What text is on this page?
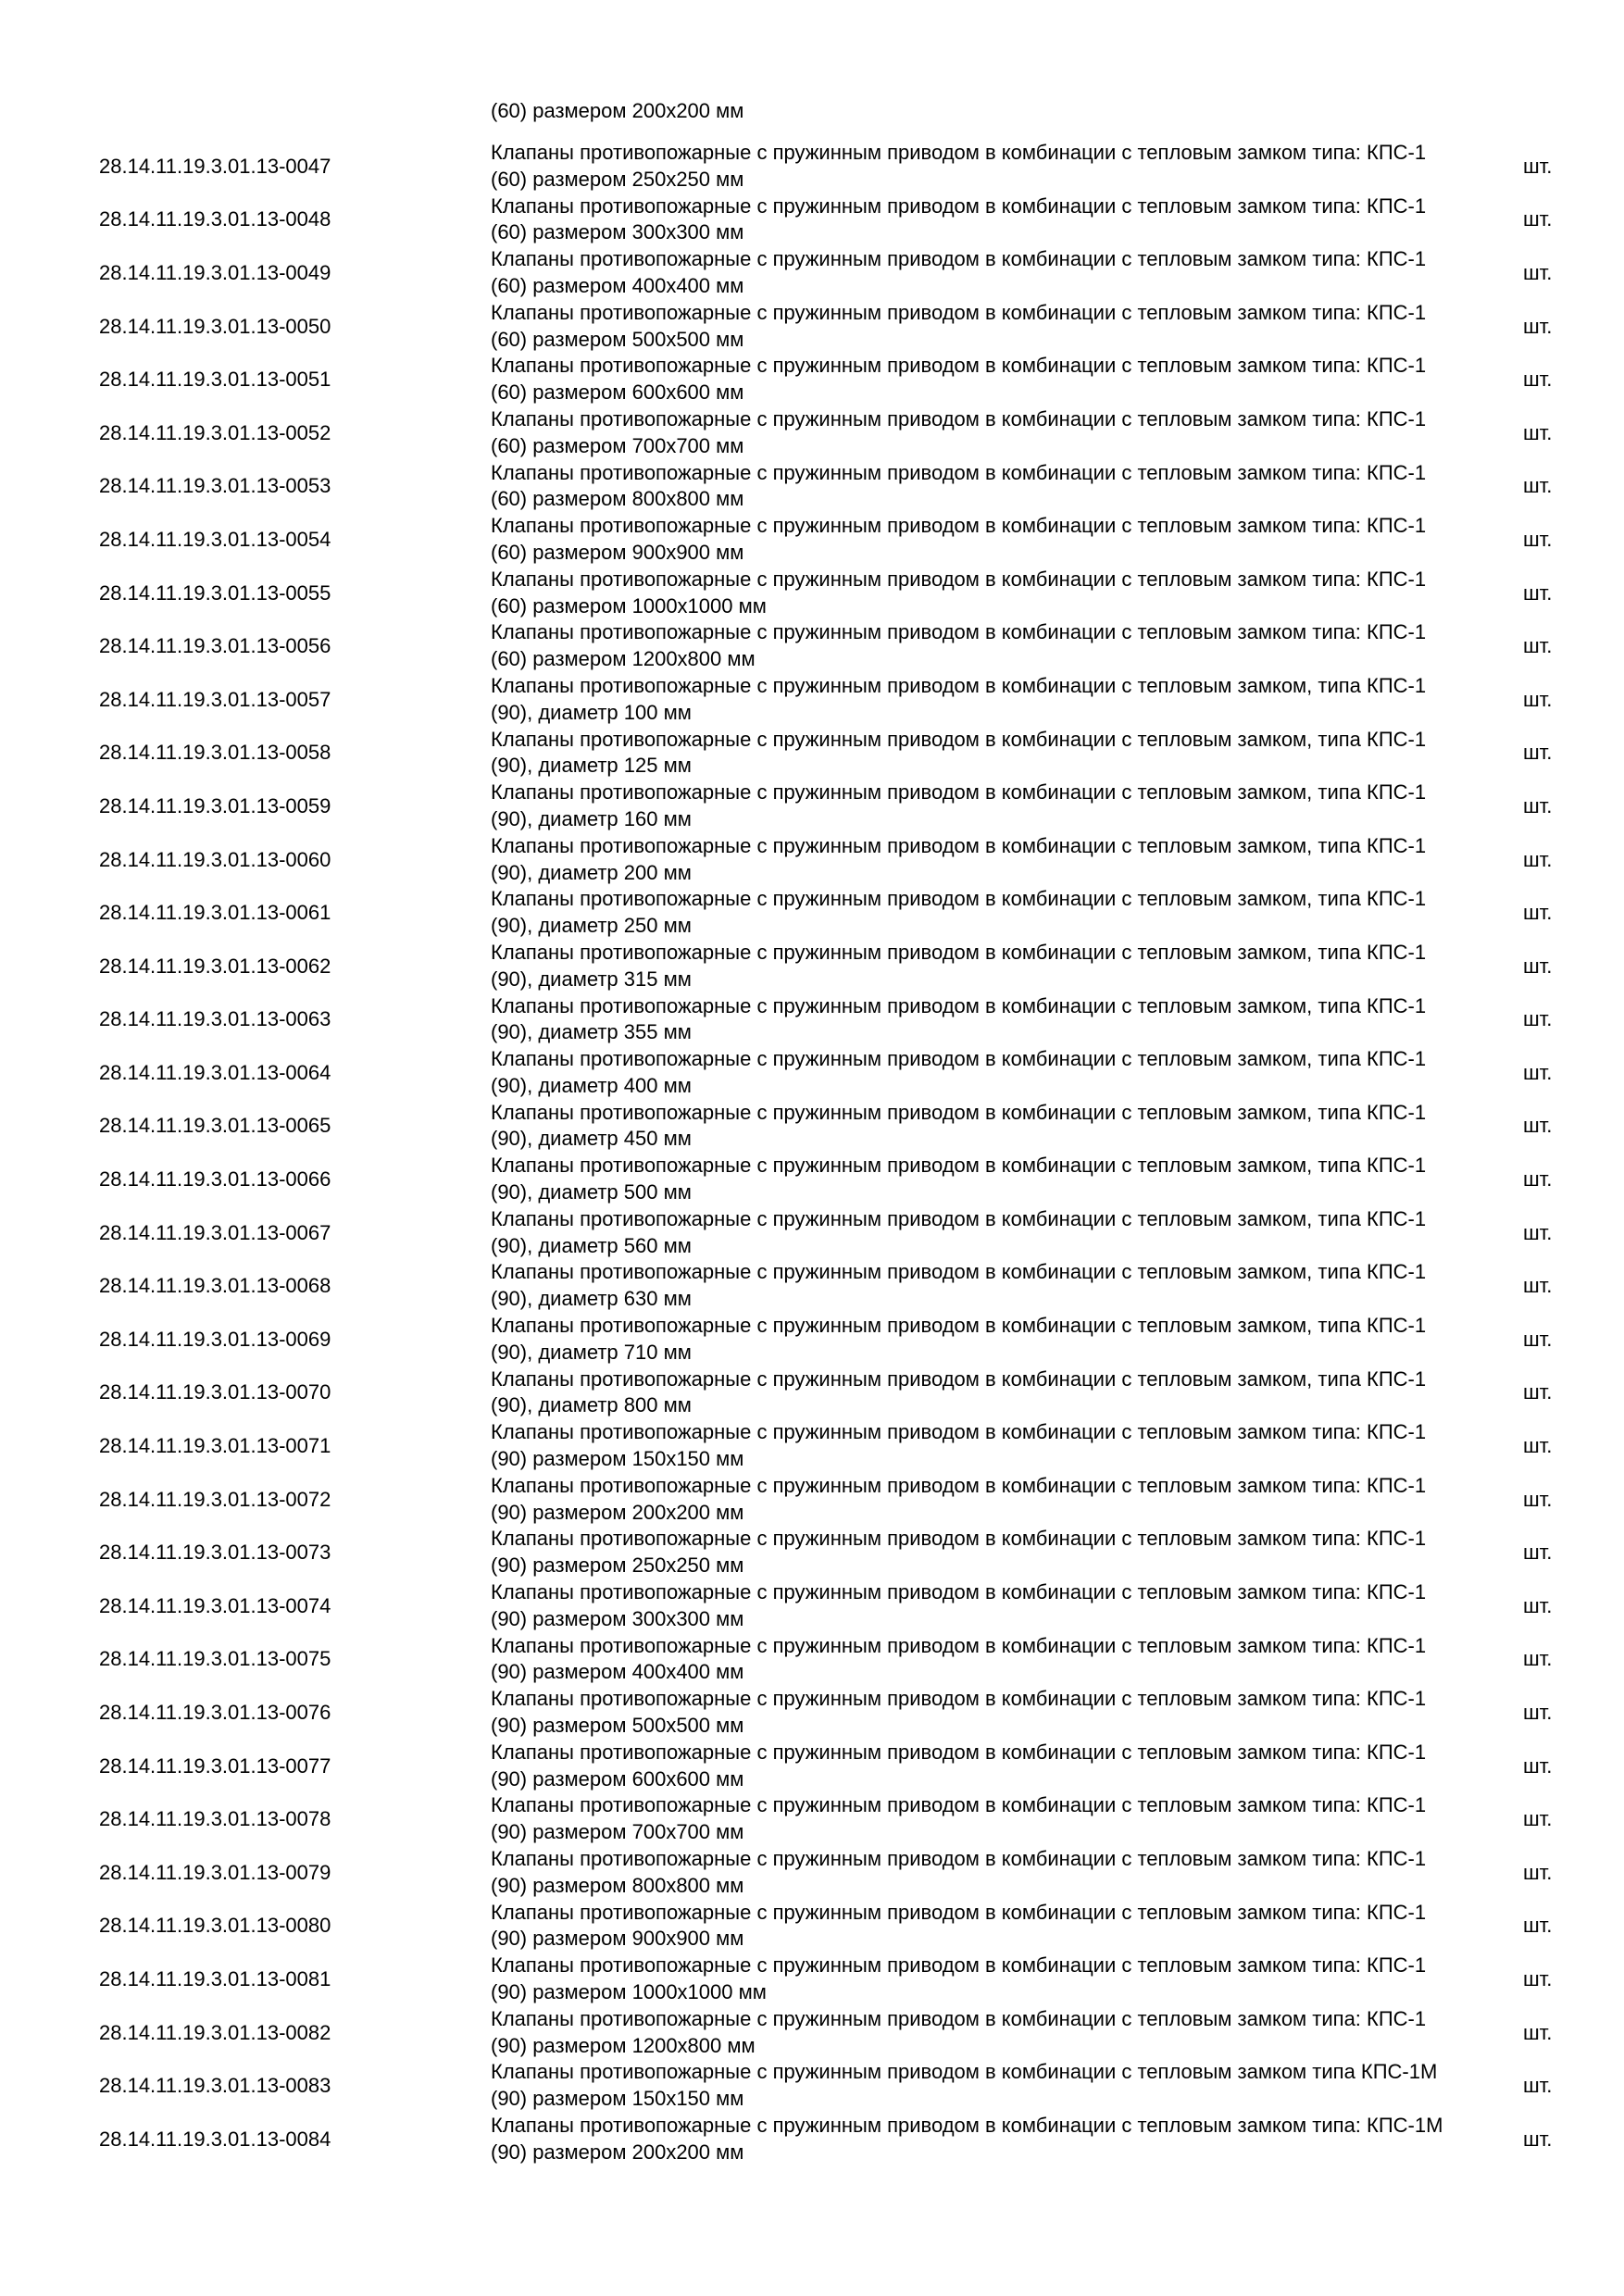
(60) размером 200x200 мм
28.14.11.19.3.01.13-0047
Клапаны противопожарные с пружинным приводом в комбинации с тепловым замком типа: КПС-1
(60) размером 250x250 мм
шт.
28.14.11.19.3.01.13-0048
Клапаны противопожарные с пружинным приводом в комбинации с тепловым замком типа: КПС-1
(60) размером 300x300 мм
шт.
28.14.11.19.3.01.13-0049
Клапаны противопожарные с пружинным приводом в комбинации с тепловым замком типа: КПС-1
(60) размером 400x400 мм
шт.
28.14.11.19.3.01.13-0050
Клапаны противопожарные с пружинным приводом в комбинации с тепловым замком типа: КПС-1
(60) размером 500x500 мм
шт.
28.14.11.19.3.01.13-0051
Клапаны противопожарные с пружинным приводом в комбинации с тепловым замком типа: КПС-1
(60) размером 600x600 мм
шт.
28.14.11.19.3.01.13-0052
Клапаны противопожарные с пружинным приводом в комбинации с тепловым замком типа: КПС-1
(60) размером 700x700 мм
шт.
28.14.11.19.3.01.13-0053
Клапаны противопожарные с пружинным приводом в комбинации с тепловым замком типа: КПС-1
(60) размером 800x800 мм
шт.
28.14.11.19.3.01.13-0054
Клапаны противопожарные с пружинным приводом в комбинации с тепловым замком типа: КПС-1
(60) размером 900x900 мм
шт.
28.14.11.19.3.01.13-0055
Клапаны противопожарные с пружинным приводом в комбинации с тепловым замком типа: КПС-1
(60) размером 1000x1000 мм
шт.
28.14.11.19.3.01.13-0056
Клапаны противопожарные с пружинным приводом в комбинации с тепловым замком типа: КПС-1
(60) размером 1200x800 мм
шт.
28.14.11.19.3.01.13-0057
Клапаны противопожарные с пружинным приводом в комбинации с тепловым замком, типа КПС-1
(90), диаметр 100 мм
шт.
28.14.11.19.3.01.13-0058
Клапаны противопожарные с пружинным приводом в комбинации с тепловым замком, типа КПС-1
(90), диаметр 125 мм
шт.
28.14.11.19.3.01.13-0059
Клапаны противопожарные с пружинным приводом в комбинации с тепловым замком, типа КПС-1
(90), диаметр 160 мм
шт.
28.14.11.19.3.01.13-0060
Клапаны противопожарные с пружинным приводом в комбинации с тепловым замком, типа КПС-1
(90), диаметр 200 мм
шт.
28.14.11.19.3.01.13-0061
Клапаны противопожарные с пружинным приводом в комбинации с тепловым замком, типа КПС-1
(90), диаметр 250 мм
шт.
28.14.11.19.3.01.13-0062
Клапаны противопожарные с пружинным приводом в комбинации с тепловым замком, типа КПС-1
(90), диаметр 315 мм
шт.
28.14.11.19.3.01.13-0063
Клапаны противопожарные с пружинным приводом в комбинации с тепловым замком, типа КПС-1
(90), диаметр 355 мм
шт.
28.14.11.19.3.01.13-0064
Клапаны противопожарные с пружинным приводом в комбинации с тепловым замком, типа КПС-1
(90), диаметр 400 мм
шт.
28.14.11.19.3.01.13-0065
Клапаны противопожарные с пружинным приводом в комбинации с тепловым замком, типа КПС-1
(90), диаметр 450 мм
шт.
28.14.11.19.3.01.13-0066
Клапаны противопожарные с пружинным приводом в комбинации с тепловым замком, типа КПС-1
(90), диаметр 500 мм
шт.
28.14.11.19.3.01.13-0067
Клапаны противопожарные с пружинным приводом в комбинации с тепловым замком, типа КПС-1
(90), диаметр 560 мм
шт.
28.14.11.19.3.01.13-0068
Клапаны противопожарные с пружинным приводом в комбинации с тепловым замком, типа КПС-1
(90), диаметр 630 мм
шт.
28.14.11.19.3.01.13-0069
Клапаны противопожарные с пружинным приводом в комбинации с тепловым замком, типа КПС-1
(90), диаметр 710 мм
шт.
28.14.11.19.3.01.13-0070
Клапаны противопожарные с пружинным приводом в комбинации с тепловым замком, типа КПС-1
(90), диаметр 800 мм
шт.
28.14.11.19.3.01.13-0071
Клапаны противопожарные с пружинным приводом в комбинации с тепловым замком типа: КПС-1
(90) размером 150x150 мм
шт.
28.14.11.19.3.01.13-0072
Клапаны противопожарные с пружинным приводом в комбинации с тепловым замком типа: КПС-1
(90) размером 200x200 мм
шт.
28.14.11.19.3.01.13-0073
Клапаны противопожарные с пружинным приводом в комбинации с тепловым замком типа: КПС-1
(90) размером 250x250 мм
шт.
28.14.11.19.3.01.13-0074
Клапаны противопожарные с пружинным приводом в комбинации с тепловым замком типа: КПС-1
(90) размером 300x300 мм
шт.
28.14.11.19.3.01.13-0075
Клапаны противопожарные с пружинным приводом в комбинации с тепловым замком типа: КПС-1
(90) размером 400x400 мм
шт.
28.14.11.19.3.01.13-0076
Клапаны противопожарные с пружинным приводом в комбинации с тепловым замком типа: КПС-1
(90) размером 500x500 мм
шт.
28.14.11.19.3.01.13-0077
Клапаны противопожарные с пружинным приводом в комбинации с тепловым замком типа: КПС-1
(90) размером 600x600 мм
шт.
28.14.11.19.3.01.13-0078
Клапаны противопожарные с пружинным приводом в комбинации с тепловым замком типа: КПС-1
(90) размером 700x700 мм
шт.
28.14.11.19.3.01.13-0079
Клапаны противопожарные с пружинным приводом в комбинации с тепловым замком типа: КПС-1
(90) размером 800x800 мм
шт.
28.14.11.19.3.01.13-0080
Клапаны противопожарные с пружинным приводом в комбинации с тепловым замком типа: КПС-1
(90) размером 900x900 мм
шт.
28.14.11.19.3.01.13-0081
Клапаны противопожарные с пружинным приводом в комбинации с тепловым замком типа: КПС-1
(90) размером 1000x1000 мм
шт.
28.14.11.19.3.01.13-0082
Клапаны противопожарные с пружинным приводом в комбинации с тепловым замком типа: КПС-1
(90) размером 1200x800 мм
шт.
28.14.11.19.3.01.13-0083
Клапаны противопожарные с пружинным приводом в комбинации с тепловым замком типа КПС-1М
(90) размером 150x150 мм
шт.
28.14.11.19.3.01.13-0084
Клапаны противопожарные с пружинным приводом в комбинации с тепловым замком типа: КПС-1М
(90) размером 200x200 мм
шт.
